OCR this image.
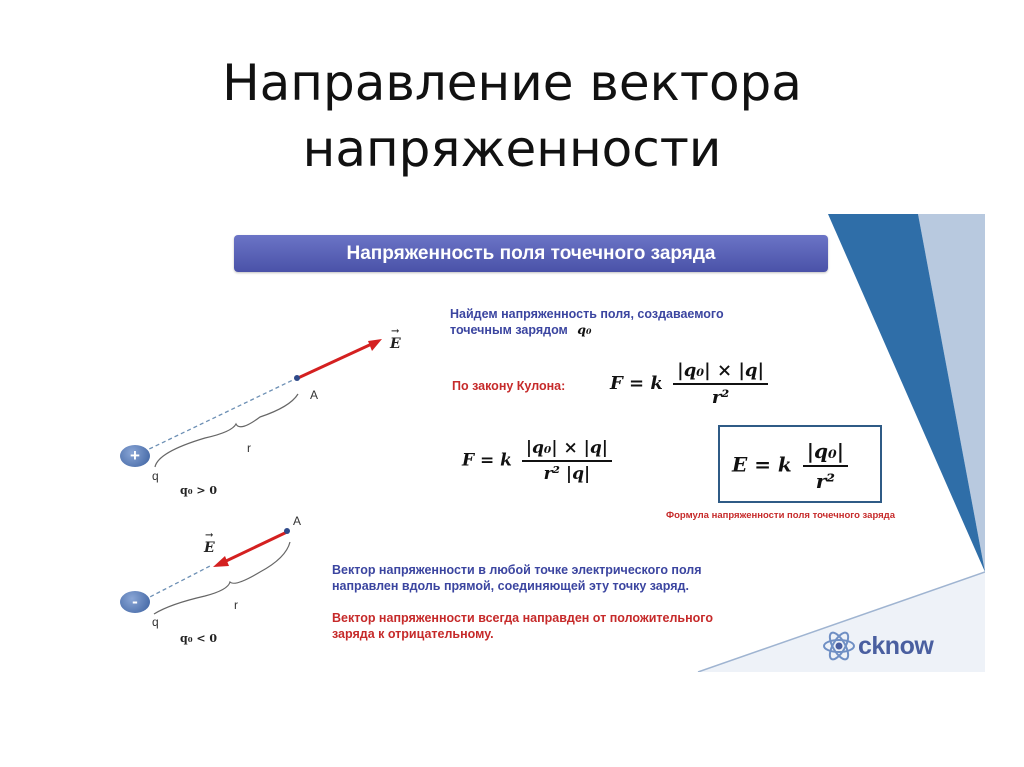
Направление вектора
напряженности
Напряженность поля точечного заряда
Найдем напряженность поля, создаваемого
точечным зарядом q₀
По закону Кулона: F = k $\frac{\text{|q₀| × |q|}}{\text{r²}}$
F = k $\frac{\text{|q₀| × |q|}}{\text{r² |q|}}$	E = k $\frac{\text{|q₀|}}{\text{r²}}$
Формула напряженности поля точечного заряда
Вектор напряженности в любой точке электрического поля
направлен вдоль прямой, соединяющей эту точку заряд.
Вектор напряженности всегда направден от положительного
заряда к отрицательному.
→
E
A
r
+
q
q₀ > 0
→
E
A
r
-
q
q₀ < 0	cknow
